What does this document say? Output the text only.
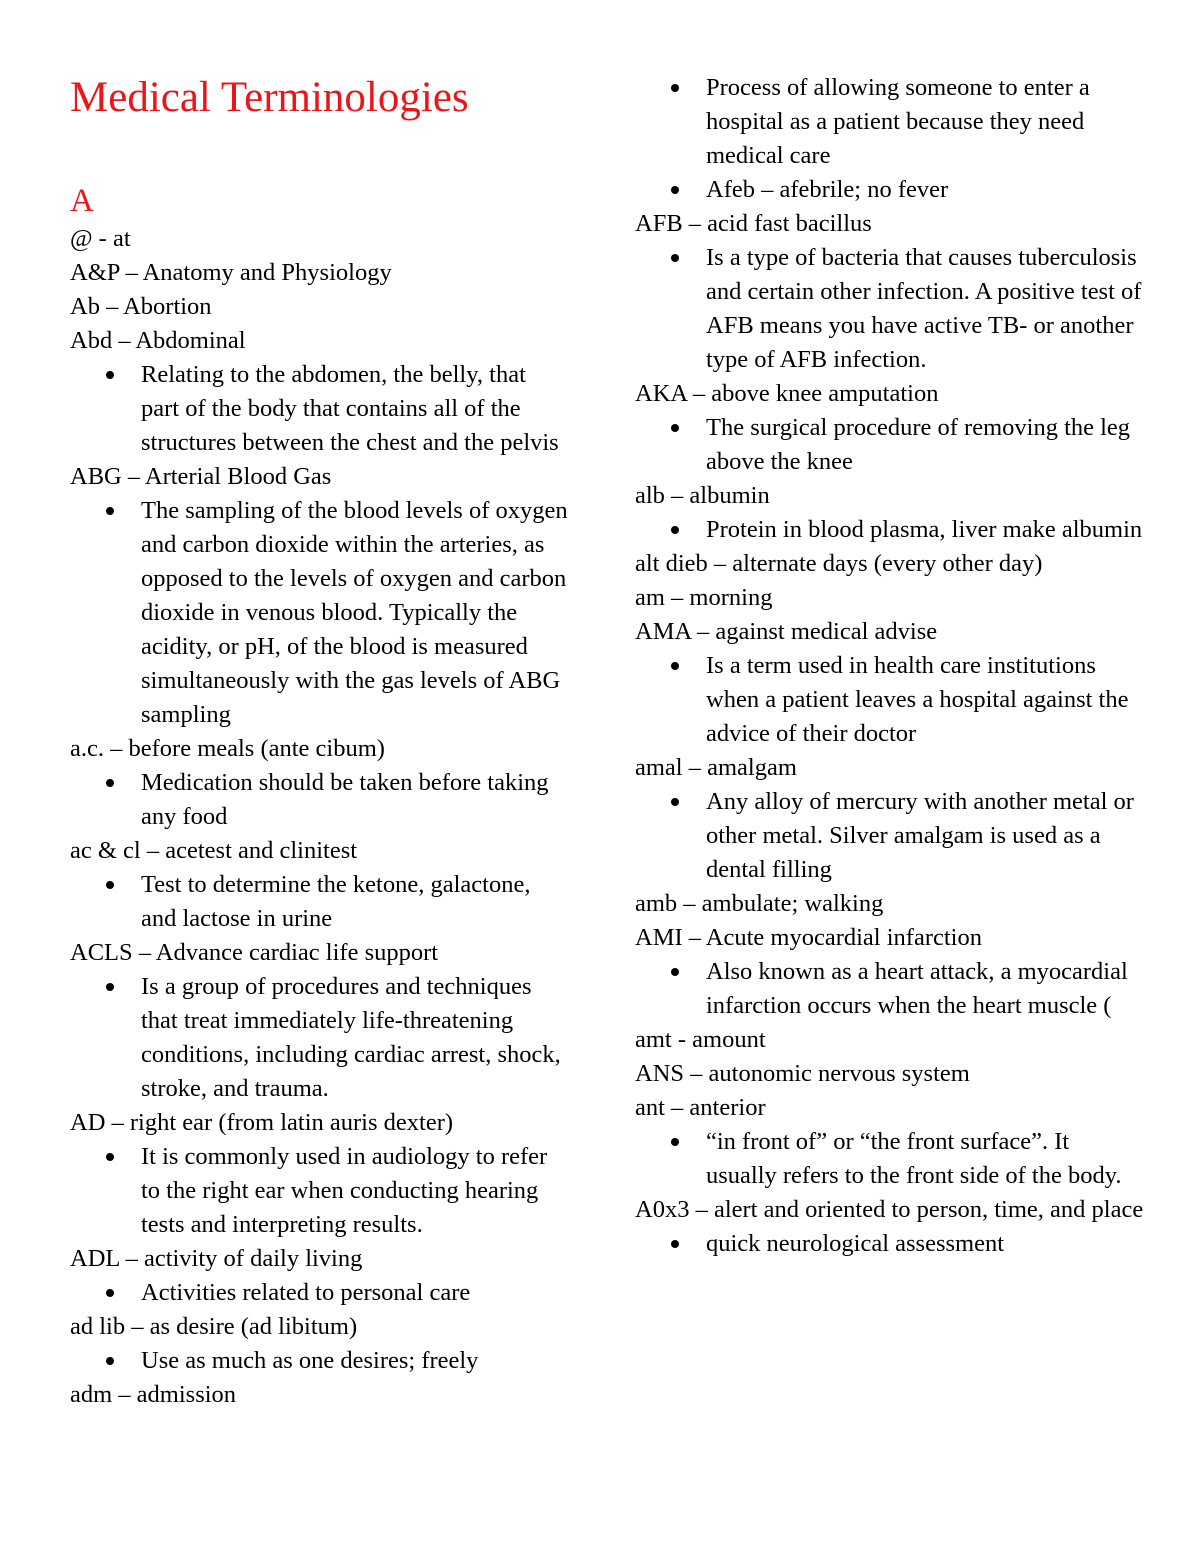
Medical Terminologies
A
@ - at
A&P – Anatomy and Physiology
Ab – Abortion
Abd – Abdominal
Relating to the abdomen, the belly, that part of the body that contains all of the structures between the chest and the pelvis
ABG – Arterial Blood Gas
The sampling of the blood levels of oxygen and carbon dioxide within the arteries, as opposed to the levels of oxygen and carbon dioxide in venous blood. Typically the acidity, or pH, of the blood is measured simultaneously with the gas levels of ABG sampling
a.c. – before meals (ante cibum)
Medication should be taken before taking any food
ac & cl – acetest and clinitest
Test to determine the ketone, galactone, and lactose in urine
ACLS – Advance cardiac life support
Is a group of procedures and techniques that treat immediately life-threatening conditions, including cardiac arrest, shock, stroke, and trauma.
AD – right ear (from latin auris dexter)
It is commonly used in audiology to refer to the right ear when conducting hearing tests and interpreting results.
ADL – activity of daily living
Activities related to personal care
ad lib – as desire (ad libitum)
Use as much as one desires; freely
adm – admission
Process of allowing someone to enter a hospital as a patient because they need medical care
Afeb – afebrile; no fever
AFB – acid fast bacillus
Is a type of bacteria that causes tuberculosis and certain other infection. A positive test of AFB means you have active TB- or another type of AFB infection.
AKA – above knee amputation
The surgical procedure of removing the leg above the knee
alb – albumin
Protein in blood plasma, liver make albumin
alt dieb – alternate days (every other day)
am – morning
AMA – against medical advise
Is a term used in health care institutions when a patient leaves a hospital against the advice of their doctor
amal – amalgam
Any alloy of mercury with another metal or other metal. Silver amalgam is used as a dental filling
amb – ambulate; walking
AMI – Acute myocardial infarction
Also known as a heart attack, a myocardial infarction occurs when the heart muscle (
amt - amount
ANS – autonomic nervous system
ant – anterior
“in front of” or “the front surface”. It usually refers to the front side of the body.
A0x3 – alert and oriented to person, time, and place
quick neurological assessment
